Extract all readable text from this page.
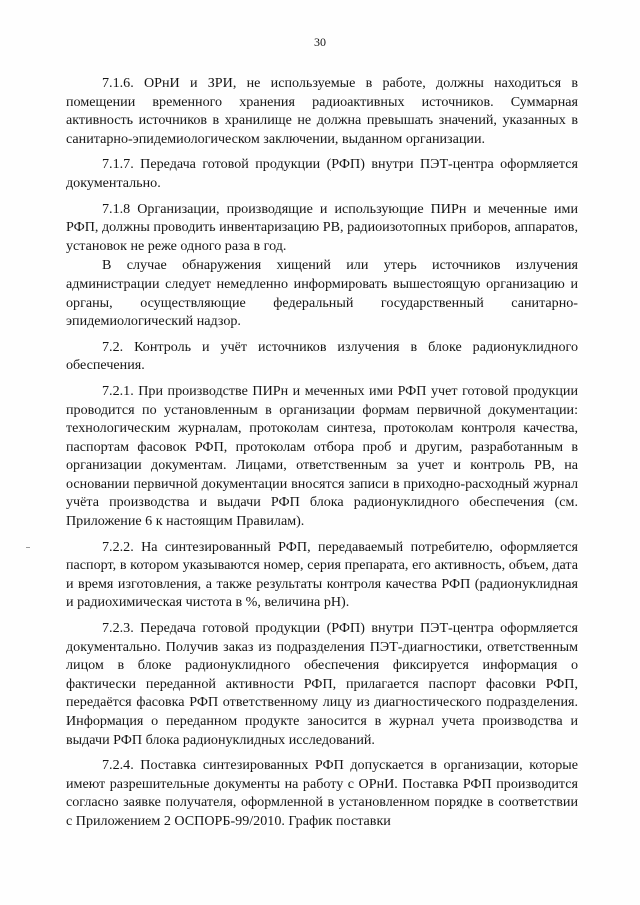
30

7.1.6. ОРнИ и ЗРИ, не используемые в работе, должны находиться в помещении временного хранения радиоактивных источников. Суммарная активность источников в хранилище не должна превышать значений, указанных в санитарно-эпидемиологическом заключении, выданном организации.

7.1.7. Передача готовой продукции (РФП) внутри ПЭТ-центра оформляется документально.

7.1.8 Организации, производящие и использующие ПИРн и меченные ими РФП, должны проводить инвентаризацию РВ, радиоизотопных приборов, аппаратов, установок не реже одного раза в год.

В случае обнаружения хищений или утерь источников излучения администрации следует немедленно информировать вышестоящую организацию и органы, осуществляющие федеральный государственный санитарно-эпидемиологический надзор.

7.2. Контроль и учёт источников излучения в блоке радионуклидного обеспечения.

7.2.1. При производстве ПИРн и меченных ими РФП учет готовой продукции проводится по установленным в организации формам первичной документации: технологическим журналам, протоколам синтеза, протоколам контроля качества, паспортам фасовок РФП, протоколам отбора проб и другим, разработанным в организации документам. Лицами, ответственным за учет и контроль РВ, на основании первичной документации вносятся записи в приходно-расходный журнал учёта производства и выдачи РФП блока радионуклидного обеспечения (см. Приложение 6 к настоящим Правилам).

7.2.2. На синтезированный РФП, передаваемый потребителю, оформляется паспорт, в котором указываются номер, серия препарата, его активность, объем, дата и время изготовления, а также результаты контроля качества РФП (радионуклидная и радиохимическая чистота в %, величина pH).

7.2.3. Передача готовой продукции (РФП) внутри ПЭТ-центра оформляется документально. Получив заказ из подразделения ПЭТ-диагностики, ответственным лицом в блоке радионуклидного обеспечения фиксируется информация о фактически переданной активности РФП, прилагается паспорт фасовки РФП, передаётся фасовка РФП ответственному лицу из диагностического подразделения. Информация о переданном продукте заносится в журнал учета производства и выдачи РФП блока радионуклидных исследований.

7.2.4. Поставка синтезированных РФП допускается в организации, которые имеют разрешительные документы на работу с ОРнИ. Поставка РФП производится согласно заявке получателя, оформленной в установленном порядке в соответствии с Приложением 2 ОСПОРБ-99/2010. График поставки
